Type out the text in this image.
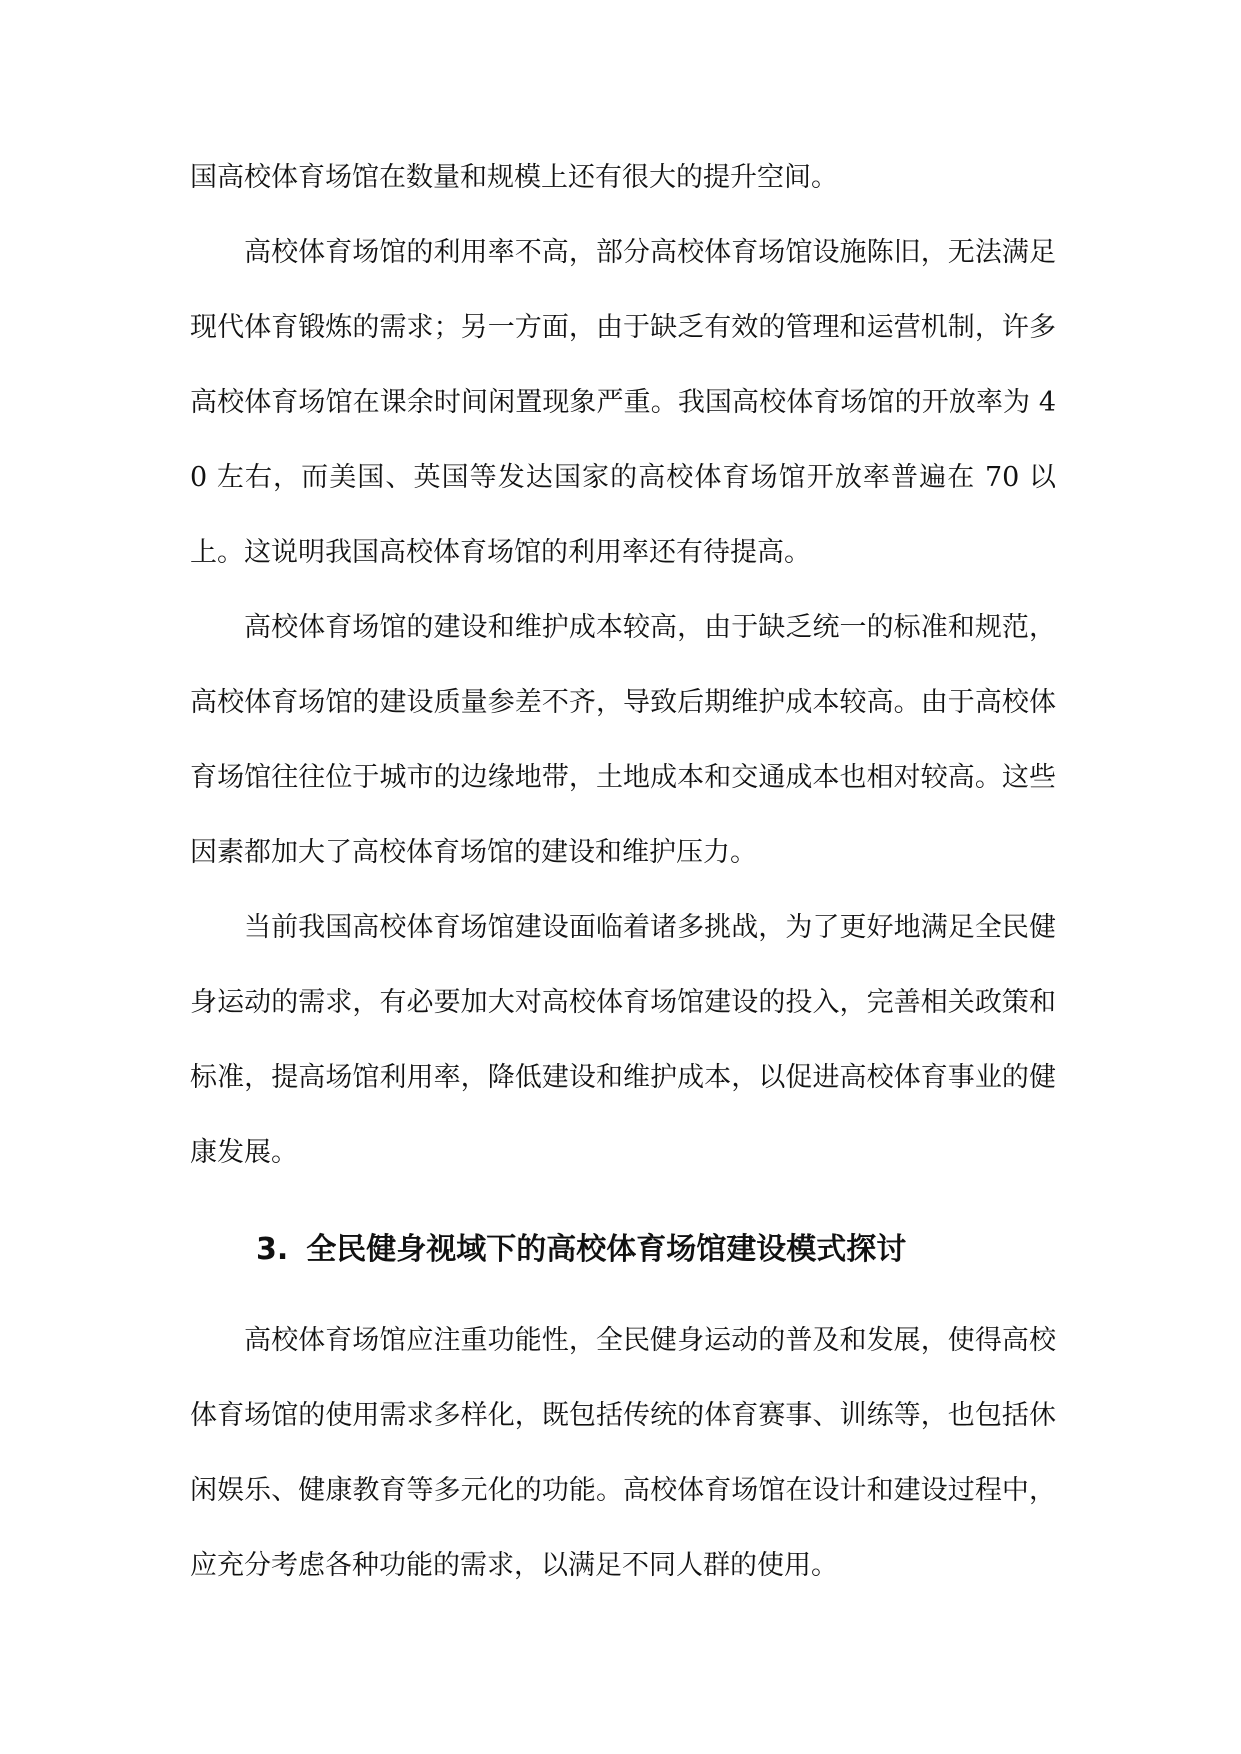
国高校体育场馆在数量和规模上还有很大的提升空间。

高校体育场馆的利用率不高，部分高校体育场馆设施陈旧，无法满足现代体育锻炼的需求；另一方面，由于缺乏有效的管理和运营机制，许多高校体育场馆在课余时间闲置现象严重。我国高校体育场馆的开放率为 40 左右，而美国、英国等发达国家的高校体育场馆开放率普遍在 70 以上。这说明我国高校体育场馆的利用率还有待提高。

高校体育场馆的建设和维护成本较高，由于缺乏统一的标准和规范，高校体育场馆的建设质量参差不齐，导致后期维护成本较高。由于高校体育场馆往往位于城市的边缘地带，土地成本和交通成本也相对较高。这些因素都加大了高校体育场馆的建设和维护压力。

当前我国高校体育场馆建设面临着诸多挑战，为了更好地满足全民健身运动的需求，有必要加大对高校体育场馆建设的投入，完善相关政策和标准，提高场馆利用率，降低建设和维护成本，以促进高校体育事业的健康发展。

3. 全民健身视域下的高校体育场馆建设模式探讨

高校体育场馆应注重功能性，全民健身运动的普及和发展，使得高校体育场馆的使用需求多样化，既包括传统的体育赛事、训练等，也包括休闲娱乐、健康教育等多元化的功能。高校体育场馆在设计和建设过程中，应充分考虑各种功能的需求，以满足不同人群的使用。
